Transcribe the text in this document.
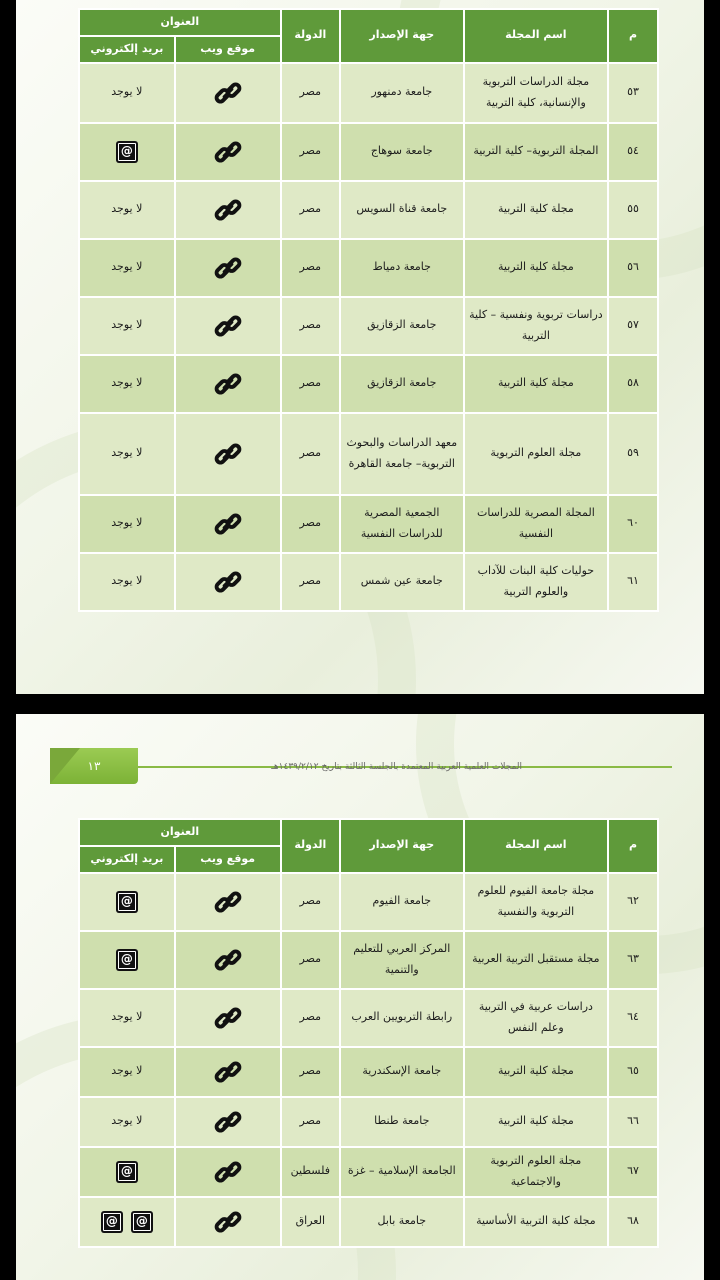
م	اسم المجلة	جهة الإصدار	الدولة	العنوان	
				موقع ويب	بريد إلكتروني
٥٣	مجلة الدراسات التربوية والإنسانية، كلية التربية	جامعة دمنهور	مصر		لا يوجد
٥٤	المجلة التربوية– كلية التربية	جامعة سوهاج	مصر		@
٥٥	مجلة كلية التربية	جامعة قناة السويس	مصر		لا يوجد
٥٦	مجلة كلية التربية	جامعة دمياط	مصر		لا يوجد
٥٧	دراسات تربوية ونفسية – كلية التربية	جامعة الزقازيق	مصر		لا يوجد
٥٨	مجلة كلية التربية	جامعة الزقازيق	مصر		لا يوجد
٥٩	مجلة العلوم التربوية	معهد الدراسات والبحوث التربوية– جامعة القاهرة	مصر		لا يوجد
٦٠	المجلة المصرية للدراسات النفسية	الجمعية المصرية للدراسات النفسية	مصر		لا يوجد
٦١	حوليات كلية البنات للآداب والعلوم التربية	جامعة عين شمس	مصر		لا يوجد
١٣	المجلات العلمية العربية المعتمدة بالجلسة الثالثة بتاريخ ١٤٣٩/٢/١٢هـ
م	اسم المجلة	جهة الإصدار	الدولة	العنوان	
				موقع ويب	بريد إلكتروني
٦٢	مجلة جامعة الفيوم للعلوم التربوية والنفسية	جامعة الفيوم	مصر		@
٦٣	مجلة مستقبل التربية العربية	المركز العربي للتعليم والتنمية	مصر		@
٦٤	دراسات عربية في التربية وعلم النفس	رابطة التربويين العرب	مصر		لا يوجد
٦٥	مجلة كلية التربية	جامعة الإسكندرية	مصر		لا يوجد
٦٦	مجلة كلية التربية	جامعة طنطا	مصر		لا يوجد
٦٧	مجلة العلوم التربوية والاجتماعية	الجامعة الإسلامية – غزة	فلسطين		@
٦٨	مجلة كلية التربية الأساسية	جامعة بابل	العراق		@@
